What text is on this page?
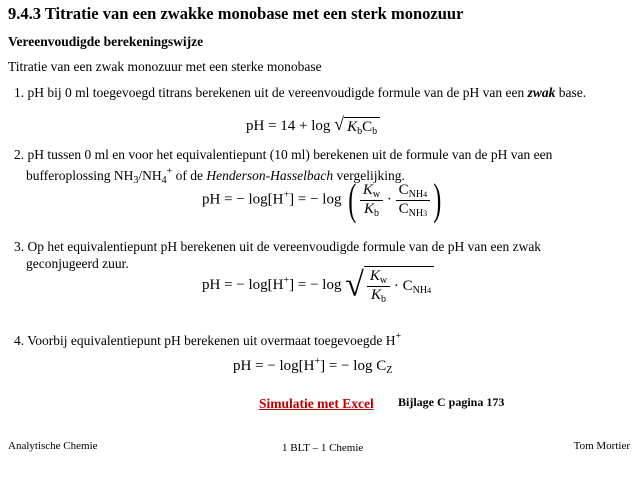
9.4.3 Titratie van een zwakke monobase met een sterk monozuur
Vereenvoudigde berekeningswijze
Titratie van een zwak monozuur met een sterke monobase
1. pH bij 0 ml toegevoegd titrans berekenen uit de vereenvoudigde formule van de pH van een zwak base.
pH = 14 + log √ $K_bC_b$
2. pH tussen 0 ml en voor het equivalentiepunt (10 ml) berekenen uit de formule van de pH van een
bufferoplossing $NH_3/NH_4^+$ of de Henderson-Hasselbach vergelijking.
pH = − log[H+] = − log ( $\frac{K_w}{K_b} \cdot \frac{C_{NH4}}{C_{NH3}}$ )
3. Op het equivalentiepunt pH berekenen uit de vereenvoudigde formule van de pH van een zwak
geconjugeerd zuur.
pH = − log[H+] = − log √ $\frac{K_w}{K_b} \cdot C_{NH4}$
4. Voorbij equivalentiepunt pH berekenen uit overmaat toegevoegde H+
pH = − log[H+] = − $\log C_Z$
Simulatie met Excel Bijlage C pagina 173
Analytische Chemie	1 BLT – 1 Chemie	Tom Mortier
